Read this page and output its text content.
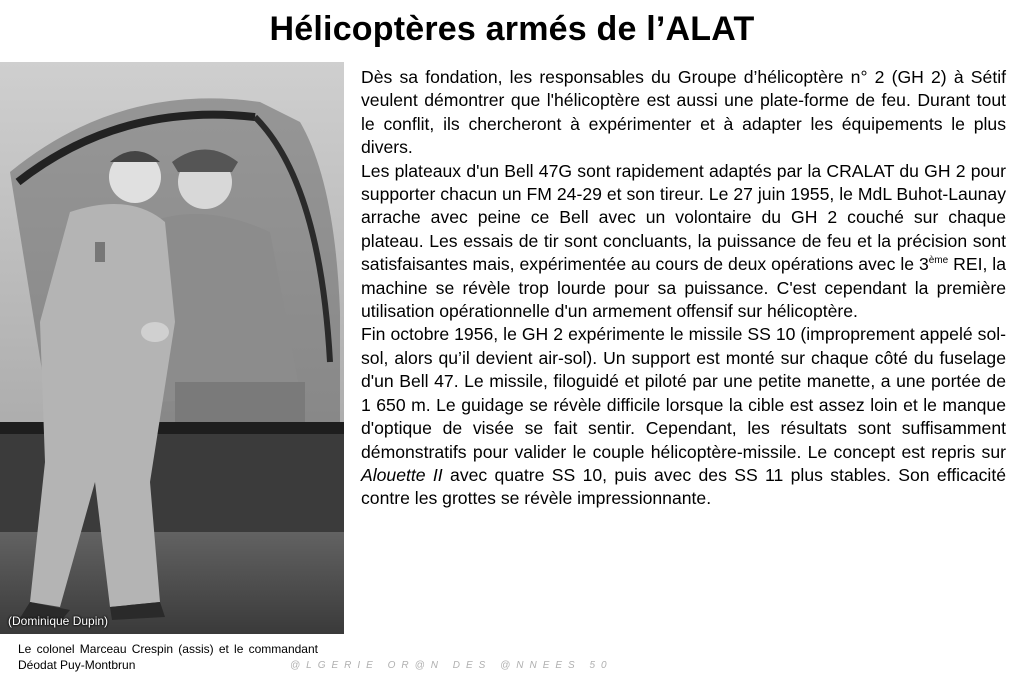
Hélicoptères armés de l’ALAT
(Dominique Dupin)
Le colonel Marceau Crespin (assis) et le commandant Déodat Puy-Montbrun	@LGERIE OR@N DES @NNEES 50

Dès sa fondation, les responsables du Groupe d’hélicoptère n° 2 (GH 2) à Sétif veulent démontrer que l'hélicoptère est aussi une plate-forme de feu. Durant tout le conflit, ils chercheront à expérimenter et à adapter les équipements le plus divers.

Les plateaux d'un Bell 47G sont rapidement adaptés par la CRALAT du GH 2 pour supporter chacun un FM 24-29 et son tireur. Le 27 juin 1955, le MdL Buhot-Launay arrache avec peine ce Bell avec un volontaire du GH 2 couché sur chaque plateau. Les essais de tir sont concluants, la puissance de feu et la précision sont satisfaisantes mais, expérimentée au cours de deux opérations avec le 3ème REI, la machine se révèle trop lourde pour sa puissance. C'est cependant la première utilisation opérationnelle d'un armement offensif sur hélicoptère.

Fin octobre 1956, le GH 2 expérimente le missile SS 10 (improprement appelé sol-sol, alors qu’il devient air-sol). Un support est monté sur chaque côté du fuselage d'un Bell 47. Le missile, filoguidé et piloté par une petite manette, a une portée de 1 650 m. Le guidage se révèle difficile lorsque la cible est assez loin et le manque d'optique de visée se fait sentir. Cependant, les résultats sont suffisamment démonstratifs pour valider le couple hélicoptère-missile. Le concept est repris sur Alouette II avec quatre SS 10, puis avec des SS 11 plus stables. Son efficacité contre les grottes se révèle impressionnante.
